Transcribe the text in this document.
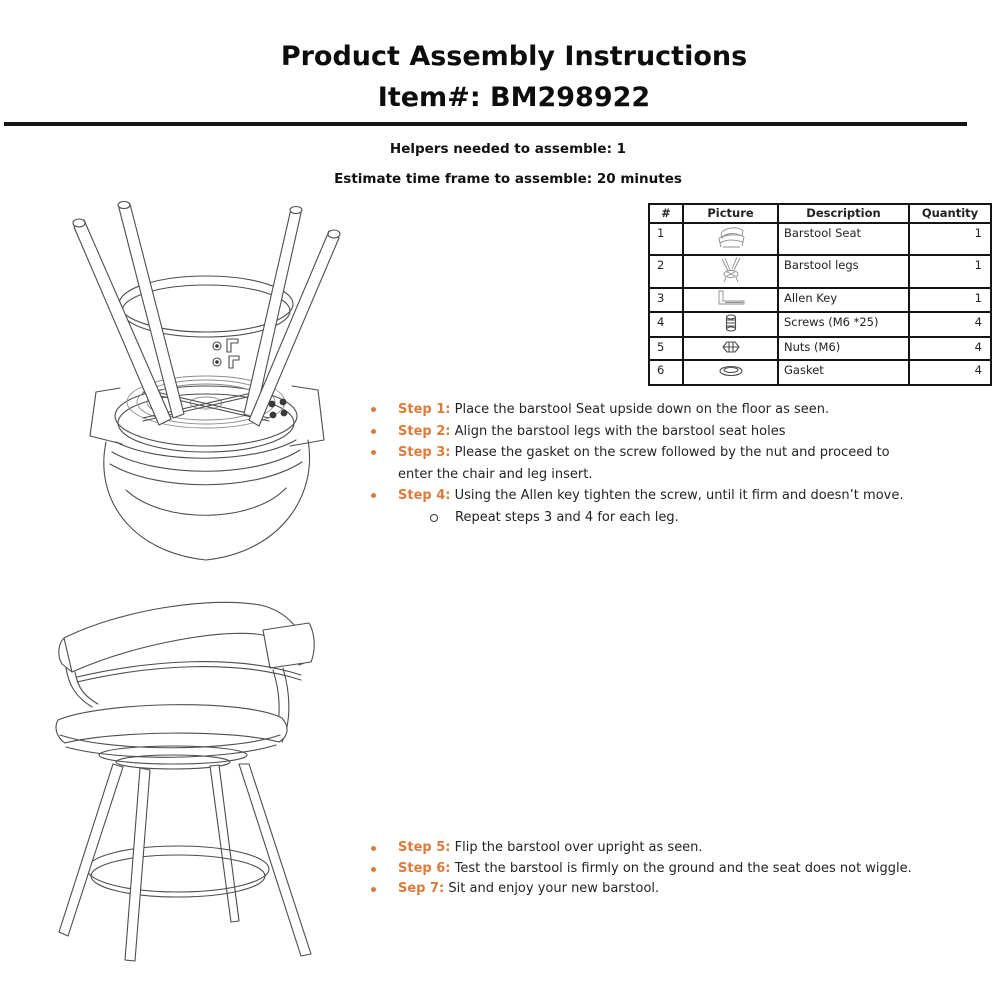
Product Assembly Instructions
Item#: BM298922
Helpers needed to assemble: 1
Estimate time frame to assemble: 20 minutes
#	Picture	Description	Quantity
1		Barstool Seat	1
2		Barstool legs	1
3		Allen Key	1
4		Screws (M6 *25)	4
5		Nuts (M6)	4
6		Gasket	4
Step 1: Place the barstool Seat upside down on the floor as seen.
Step 2: Align the barstool legs with the barstool seat holes
Step 3: Please the gasket on the screw followed by the nut and proceed to
enter the chair and leg insert.
Step 4: Using the Allen key tighten the screw, until it firm and doesn’t move.
Repeat steps 3 and 4 for each leg.
Step 5: Flip the barstool over upright as seen.
Step 6: Test the barstool is firmly on the ground and the seat does not wiggle.
Sep 7: Sit and enjoy your new barstool.
